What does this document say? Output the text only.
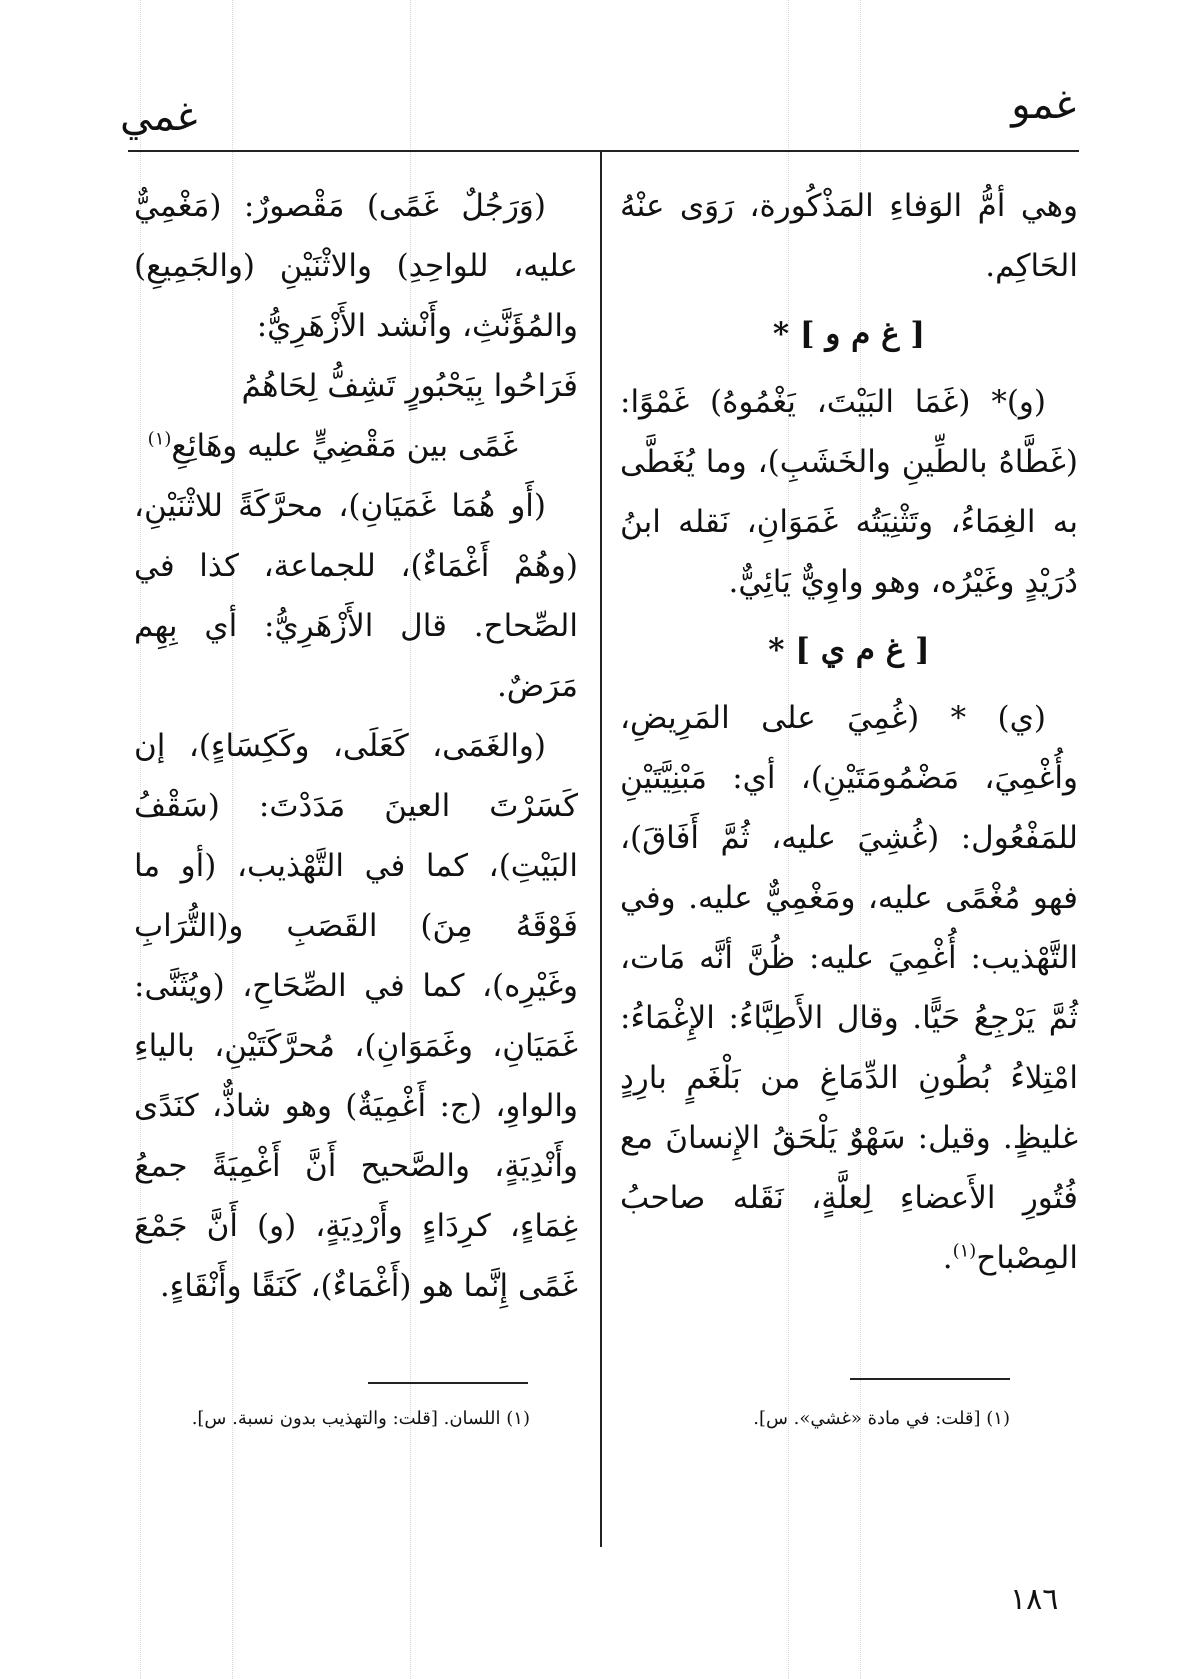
غمو
غمي

وهي أمُّ الوَفاءِ المَذْكُورة، رَوَى عنْهُ الحَاكِم.

[ غ م و ] *

(و)* (غَمَا البَيْتَ، يَغْمُوهُ) غَمْوًا: (غَطَّاهُ بالطِّينِ والخَشَبِ)، وما يُغَطَّى به الغِمَاءُ، وتَثْنِيَتُه غَمَوَانِ، نَقله ابنُ دُرَيْدٍ وغَيْرُه، وهو واوِيٌّ يَائِيٌّ.

[ غ م ي ] *

(ي) * (غُمِيَ على المَرِيضِ، وأُغْمِيَ، مَضْمُومَتَيْنِ)، أي: مَبْنِيَّتَيْنِ للمَفْعُول: (غُشِيَ عليه، ثُمَّ أَفَاقَ)، فهو مُغْمًى عليه، ومَغْمِيٌّ عليه. وفي التَّهْذيب: أُغْمِيَ عليه: ظُنَّ أنَّه مَات، ثُمَّ يَرْجِعُ حَيًّا. وقال الأَطِبَّاءُ: الإِغْمَاءُ: امْتِلاءُ بُطُونِ الدِّمَاغِ من بَلْغَمٍ بارِدٍ غليظٍ. وقيل: سَهْوٌ يَلْحَقُ الإِنسانَ مع فُتُورِ الأَعضاءِ لِعلَّةٍ، نَقَله صاحبُ المِصْباح$^{(١)}$.

(١) [قلت: في مادة «غشي». س].

(وَرَجُلٌ غَمًى) مَقْصورٌ: (مَغْمِيٌّ عليه، للواحِدِ) والاثْنَيْنِ (والجَمِيعِ) والمُؤَنَّثِ، وأَنْشد الأَزْهَرِيُّ:

فَرَاحُوا بِيَحْبُورٍ تَشِفُّ لِحَاهُمُ
غَمًى بين مَقْضِيٍّ عليه وهَائِعِ$^{(١)}$

(أَو هُمَا غَمَيَانِ)، محرَّكَةً للاثْنَيْنِ، (وهُمْ أَغْمَاءٌ)، للجماعة، كذا في الصِّحاح. قال الأَزْهَرِيُّ: أي بِهِم مَرَضٌ.

(والغَمَى، كَعَلَى، وكَكِسَاءٍ)، إن كَسَرْتَ العينَ مَدَدْتَ: (سَقْفُ البَيْتِ)، كما في التَّهْذيب، (أو ما فَوْقَهُ مِنَ) القَصَبِ و(التُّرَابِ وغَيْرِه)، كما في الصِّحَاحِ، (ويُثَنَّى: غَمَيَانِ، وغَمَوَانِ)، مُحرَّكَتَيْنِ، بالياءِ والواوِ، (ج: أَغْمِيَةٌ) وهو شاذٌّ، كنَدًى وأَنْدِيَةٍ، والصَّحيح أَنَّ أَغْمِيَةً جمعُ غِمَاءٍ، كرِدَاءٍ وأَرْدِيَةٍ، (و) أَنَّ جَمْعَ غَمًى إِنَّما هو (أَغْمَاءٌ)، كَنَقًا وأَنْقَاءٍ.

(١) اللسان. [قلت: والتهذيب بدون نسبة. س].
١٨٦
